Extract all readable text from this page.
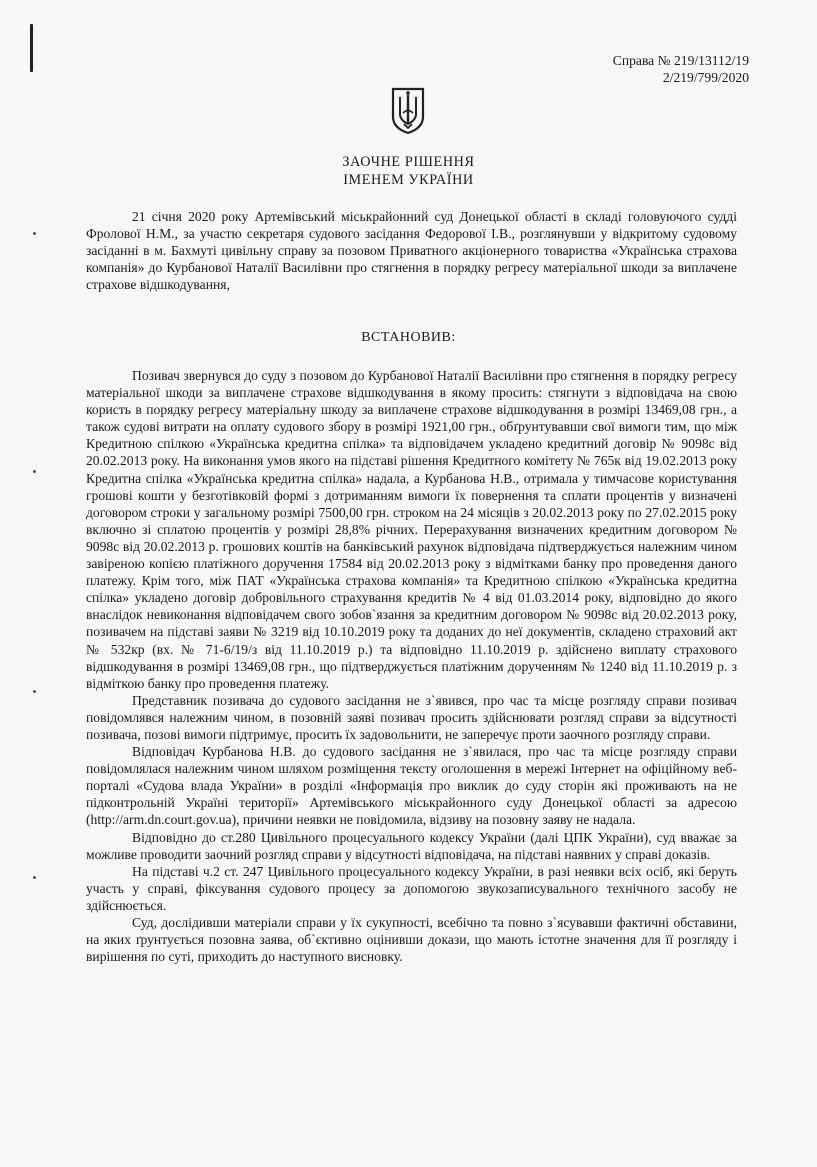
Справа № 219/13112/19
2/219/799/2020
ЗАОЧНЕ РІШЕННЯ
ІМЕНЕМ УКРАЇНИ

21 січня 2020 року Артемівський міськрайонний суд Донецької області в складі головуючого судді Фролової Н.М., за участю секретаря судового засідання Федорової І.В., розглянувши у відкритому судовому засіданні в м. Бахмуті цивільну справу за позовом Приватного акціонерного товариства «Українська страхова компанія» до Курбанової Наталії Василівни про стягнення в порядку регресу матеріальної шкоди за виплачене страхове відшкодування,

ВСТАНОВИВ:

Позивач звернувся до суду з позовом до Курбанової Наталії Василівни про стягнення в порядку регресу матеріальної шкоди за виплачене страхове відшкодування в якому просить: стягнути з відповідача на свою користь в порядку регресу матеріальну шкоду за виплачене страхове відшкодування в розмірі 13469,08 грн., а також судові витрати на оплату судового збору в розмірі 1921,00 грн., обґрунтувавши свої вимоги тим, що між Кредитною спілкою «Українська кредитна спілка» та відповідачем укладено кредитний договір № 9098с від 20.02.2013 року. На виконання умов якого на підставі рішення Кредитного комітету № 765к від 19.02.2013 року Кредитна спілка «Українська кредитна спілка» надала, а Курбанова Н.В., отримала у тимчасове користування грошові кошти у безготівковій формі з дотриманням вимоги їх повернення та сплати процентів у визначені договором строки у загальному розмірі 7500,00 грн. строком на 24 місяців з 20.02.2013 року по 27.02.2015 року включно зі сплатою процентів у розмірі 28,8% річних. Перерахування визначених кредитним договором № 9098с від 20.02.2013 р. грошових коштів на банківський рахунок відповідача підтверджується належним чином завіреною копією платіжного доручення 17584 від 20.02.2013 року з відмітками банку про проведення даного платежу. Крім того, між ПАТ «Українська страхова компанія» та Кредитною спілкою «Українська кредитна спілка» укладено договір добровільного страхування кредитів № 4 від 01.03.2014 року, відповідно до якого внаслідок невиконання відповідачем свого зобов`язання за кредитним договором № 9098с від 20.02.2013 року, позивачем на підставі заяви № 3219 від 10.10.2019 року та доданих до неї документів, складено страховий акт № 532кр (вх. № 71-6/19/з від 11.10.2019 р.) та відповідно 11.10.2019 р. здійснено виплату страхового відшкодування в розмірі 13469,08 грн., що підтверджується платіжним дорученням № 1240 від 11.10.2019 р. з відміткою банку про проведення платежу.

Представник позивача до судового засідання не з`явився, про час та місце розгляду справи позивач повідомлявся належним чином, в позовній заяві позивач просить здійснювати розгляд справи за відсутності позивача, позові вимоги підтримує, просить їх задовольнити, не заперечує проти заочного розгляду справи.

Відповідач Курбанова Н.В. до судового засідання не з`явилася, про час та місце розгляду справи повідомлялася належним чином шляхом розміщення тексту оголошення в мережі Інтернет на офіційному веб-порталі «Судова влада України» в розділі «Інформація про виклик до суду сторін які проживають на не підконтрольній Україні території» Артемівського міськрайонного суду Донецької області за адресою (http://arm.dn.court.gov.ua), причини неявки не повідомила, відзиву на позовну заяву не надала.

Відповідно до ст.280 Цивільного процесуального кодексу України (далі ЦПК України), суд вважає за можливе проводити заочний розгляд справи у відсутності відповідача, на підставі наявних у справі доказів.

На підставі ч.2 ст. 247 Цивільного процесуального кодексу України, в разі неявки всіх осіб, які беруть участь у справі, фіксування судового процесу за допомогою звукозаписувального технічного засобу не здійснюється.

Суд, дослідивши матеріали справи у їх сукупності, всебічно та повно з`ясувавши фактичні обставини, на яких ґрунтується позовна заява, об`єктивно оцінивши докази, що мають істотне значення для її розгляду і вирішення по суті, приходить до наступного висновку.
